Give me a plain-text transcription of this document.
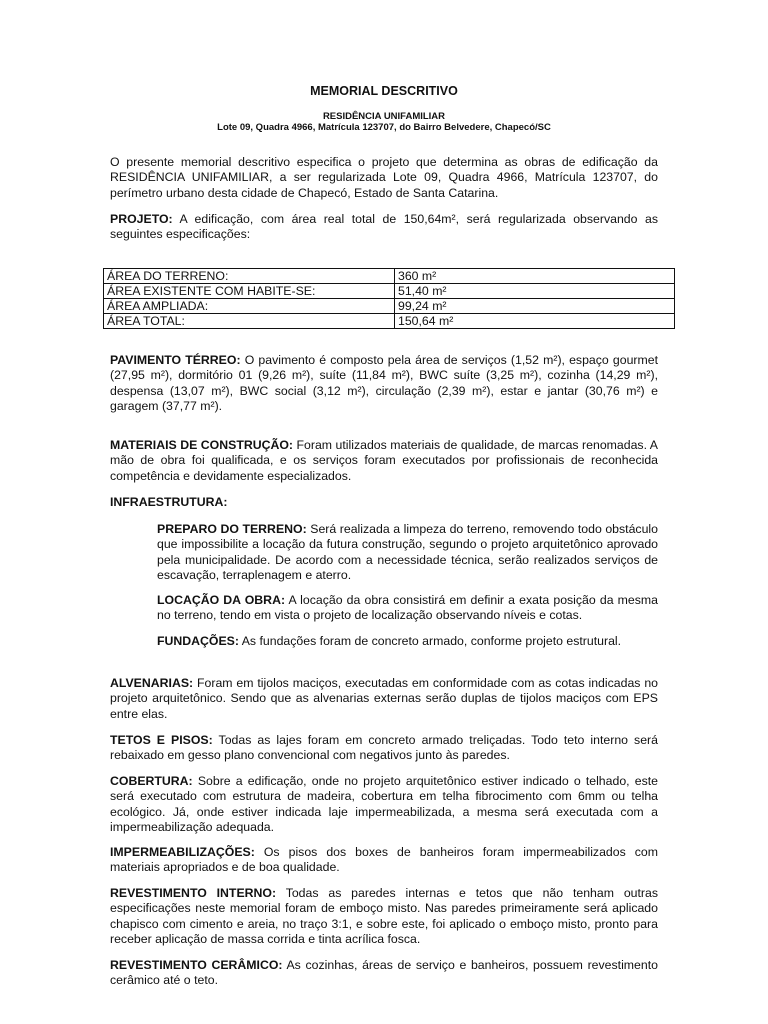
MEMORIAL DESCRITIVO

RESIDÊNCIA UNIFAMILIAR

Lote 09, Quadra 4966, Matrícula 123707, do Bairro Belvedere, Chapecó/SC

O presente memorial descritivo especifica o projeto que determina as obras de edificação da RESIDÊNCIA UNIFAMILIAR, a ser regularizada Lote 09, Quadra 4966, Matrícula 123707, do perímetro urbano desta cidade de Chapecó, Estado de Santa Catarina.

PROJETO: A edificação, com área real total de 150,64m², será regularizada observando as seguintes especificações:

ÁREA DO TERRENO:	360 m²
ÁREA EXISTENTE COM HABITE-SE:	51,40 m²
ÁREA AMPLIADA:	99,24 m²
ÁREA TOTAL:	150,64 m²

PAVIMENTO TÉRREO: O pavimento é composto pela área de serviços (1,52 m²), espaço gourmet (27,95 m²), dormitório 01 (9,26 m²), suíte (11,84 m²), BWC suíte (3,25 m²), cozinha (14,29 m²), despensa (13,07 m²), BWC social (3,12 m²), circulação (2,39 m²), estar e jantar (30,76 m²) e garagem (37,77 m²).

MATERIAIS DE CONSTRUÇÃO: Foram utilizados materiais de qualidade, de marcas renomadas. A mão de obra foi qualificada, e os serviços foram executados por profissionais de reconhecida competência e devidamente especializados.

INFRAESTRUTURA:

PREPARO DO TERRENO: Será realizada a limpeza do terreno, removendo todo obstáculo que impossibilite a locação da futura construção, segundo o projeto arquitetônico aprovado pela municipalidade. De acordo com a necessidade técnica, serão realizados serviços de escavação, terraplenagem e aterro.

LOCAÇÃO DA OBRA: A locação da obra consistirá em definir a exata posição da mesma no terreno, tendo em vista o projeto de localização observando níveis e cotas.

FUNDAÇÕES: As fundações foram de concreto armado, conforme projeto estrutural.

ALVENARIAS: Foram em tijolos maciços, executadas em conformidade com as cotas indicadas no projeto arquitetônico. Sendo que as alvenarias externas serão duplas de tijolos maciços com EPS entre elas.

TETOS E PISOS: Todas as lajes foram em concreto armado treliçadas. Todo teto interno será rebaixado em gesso plano convencional com negativos junto às paredes.

COBERTURA: Sobre a edificação, onde no projeto arquitetônico estiver indicado o telhado, este será executado com estrutura de madeira, cobertura em telha fibrocimento com 6mm ou telha ecológico. Já, onde estiver indicada laje impermeabilizada, a mesma será executada com a impermeabilização adequada.

IMPERMEABILIZAÇÕES: Os pisos dos boxes de banheiros foram impermeabilizados com materiais apropriados e de boa qualidade.

REVESTIMENTO INTERNO: Todas as paredes internas e tetos que não tenham outras especificações neste memorial foram de emboço misto. Nas paredes primeiramente será aplicado chapisco com cimento e areia, no traço 3:1, e sobre este, foi aplicado o emboço misto, pronto para receber aplicação de massa corrida e tinta acrílica fosca.

REVESTIMENTO CERÂMICO: As cozinhas, áreas de serviço e banheiros, possuem revestimento cerâmico até o teto.
